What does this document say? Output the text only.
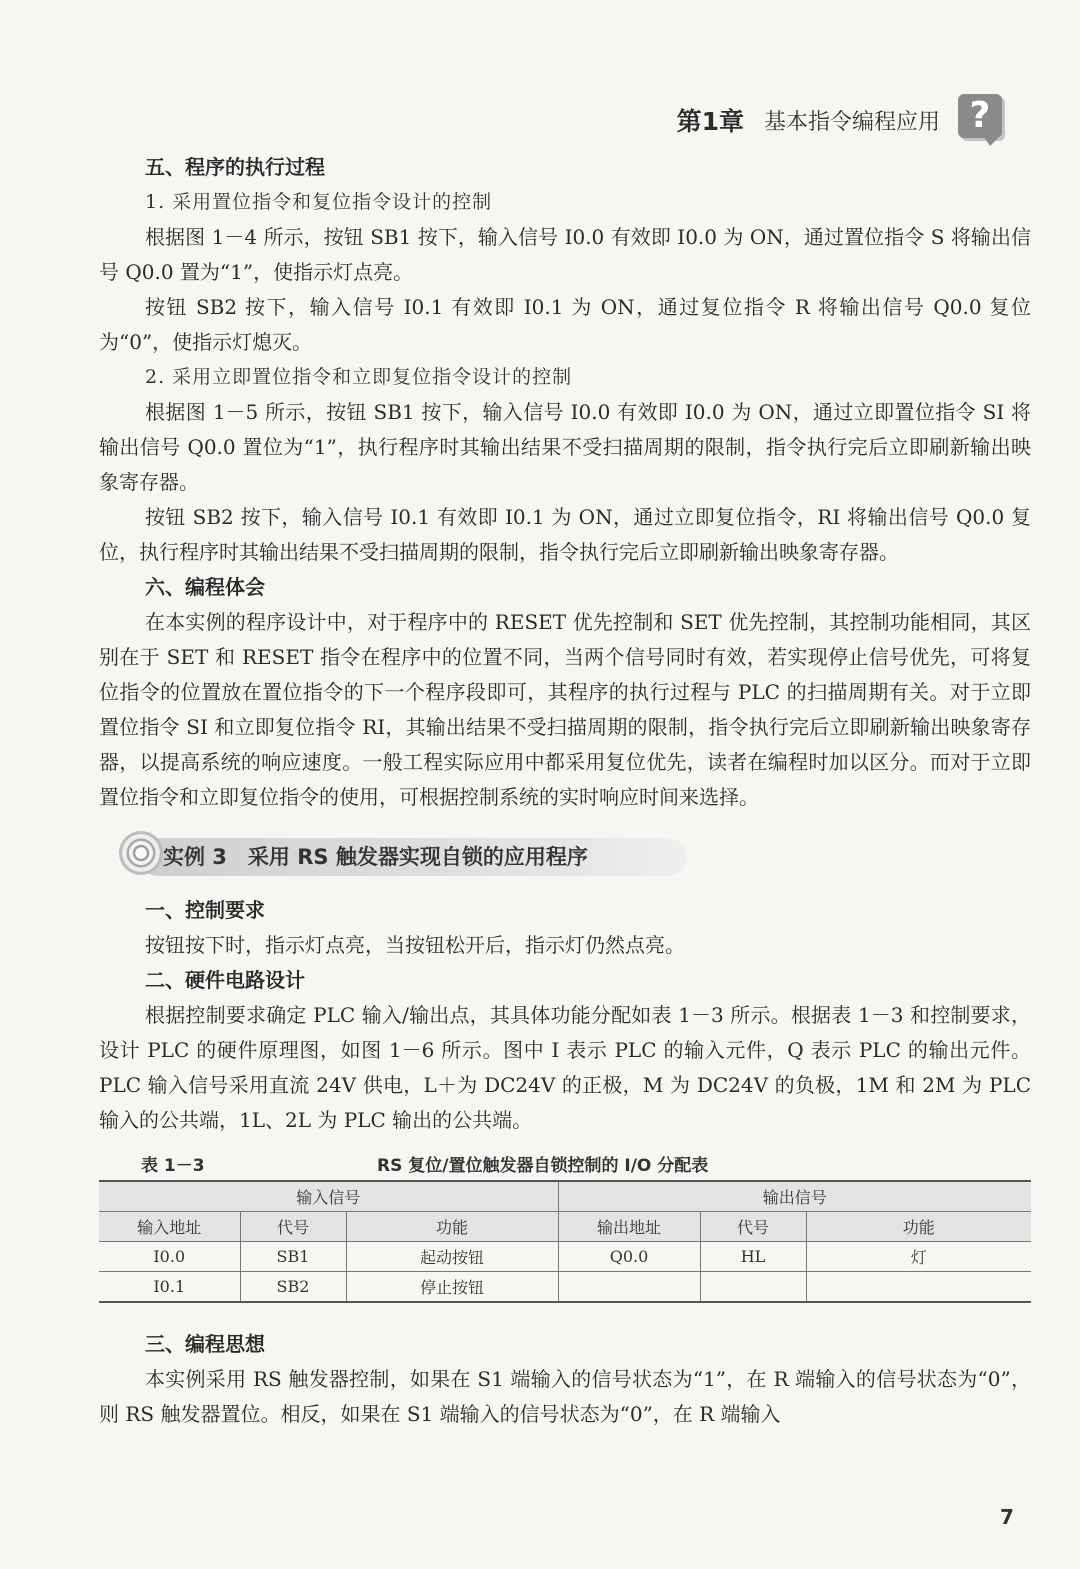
第1章 基本指令编程应用 ?
五、程序的执行过程
1. 采用置位指令和复位指令设计的控制

根据图 1－4 所示，按钮 SB1 按下，输入信号 I0.0 有效即 I0.0 为 ON，通过置位指令 S 将输出信号 Q0.0 置为“1”，使指示灯点亮。

按钮 SB2 按下，输入信号 I0.1 有效即 I0.1 为 ON，通过复位指令 R 将输出信号 Q0.0 复位为“0”，使指示灯熄灭。

2. 采用立即置位指令和立即复位指令设计的控制

根据图 1－5 所示，按钮 SB1 按下，输入信号 I0.0 有效即 I0.0 为 ON，通过立即置位指令 SI 将输出信号 Q0.0 置位为“1”，执行程序时其输出结果不受扫描周期的限制，指令执行完后立即刷新输出映象寄存器。

按钮 SB2 按下，输入信号 I0.1 有效即 I0.1 为 ON，通过立即复位指令，RI 将输出信号 Q0.0 复位，执行程序时其输出结果不受扫描周期的限制，指令执行完后立即刷新输出映象寄存器。

六、编程体会

在本实例的程序设计中，对于程序中的 RESET 优先控制和 SET 优先控制，其控制功能相同，其区别在于 SET 和 RESET 指令在程序中的位置不同，当两个信号同时有效，若实现停止信号优先，可将复位指令的位置放在置位指令的下一个程序段即可，其程序的执行过程与 PLC 的扫描周期有关。对于立即置位指令 SI 和立即复位指令 RI，其输出结果不受扫描周期的限制，指令执行完后立即刷新输出映象寄存器，以提高系统的响应速度。一般工程实际应用中都采用复位优先，读者在编程时加以区分。而对于立即置位指令和立即复位指令的使用，可根据控制系统的实时响应时间来选择。

实例 3　采用 RS 触发器实现自锁的应用程序
一、控制要求

按钮按下时，指示灯点亮，当按钮松开后，指示灯仍然点亮。

二、硬件电路设计

根据控制要求确定 PLC 输入/输出点，其具体功能分配如表 1－3 所示。根据表 1－3 和控制要求，设计 PLC 的硬件原理图，如图 1－6 所示。图中 I 表示 PLC 的输入元件，Q 表示 PLC 的输出元件。PLC 输入信号采用直流 24V 供电，L＋为 DC24V 的正极，M 为 DC24V 的负极，1M 和 2M 为 PLC 输入的公共端，1L、2L 为 PLC 输出的公共端。

表 1－3	RS 复位/置位触发器自锁控制的 I/O 分配表
输入信号			输出信号		
输入地址	代号	功能	输出地址	代号	功能
I0.0	SB1	起动按钮	Q0.0	HL	灯
I0.1	SB2	停止按钮			
三、编程思想

本实例采用 RS 触发器控制，如果在 S1 端输入的信号状态为“1”，在 R 端输入的信号状态为“0”，则 RS 触发器置位。相反，如果在 S1 端输入的信号状态为“0”，在 R 端输入

7
